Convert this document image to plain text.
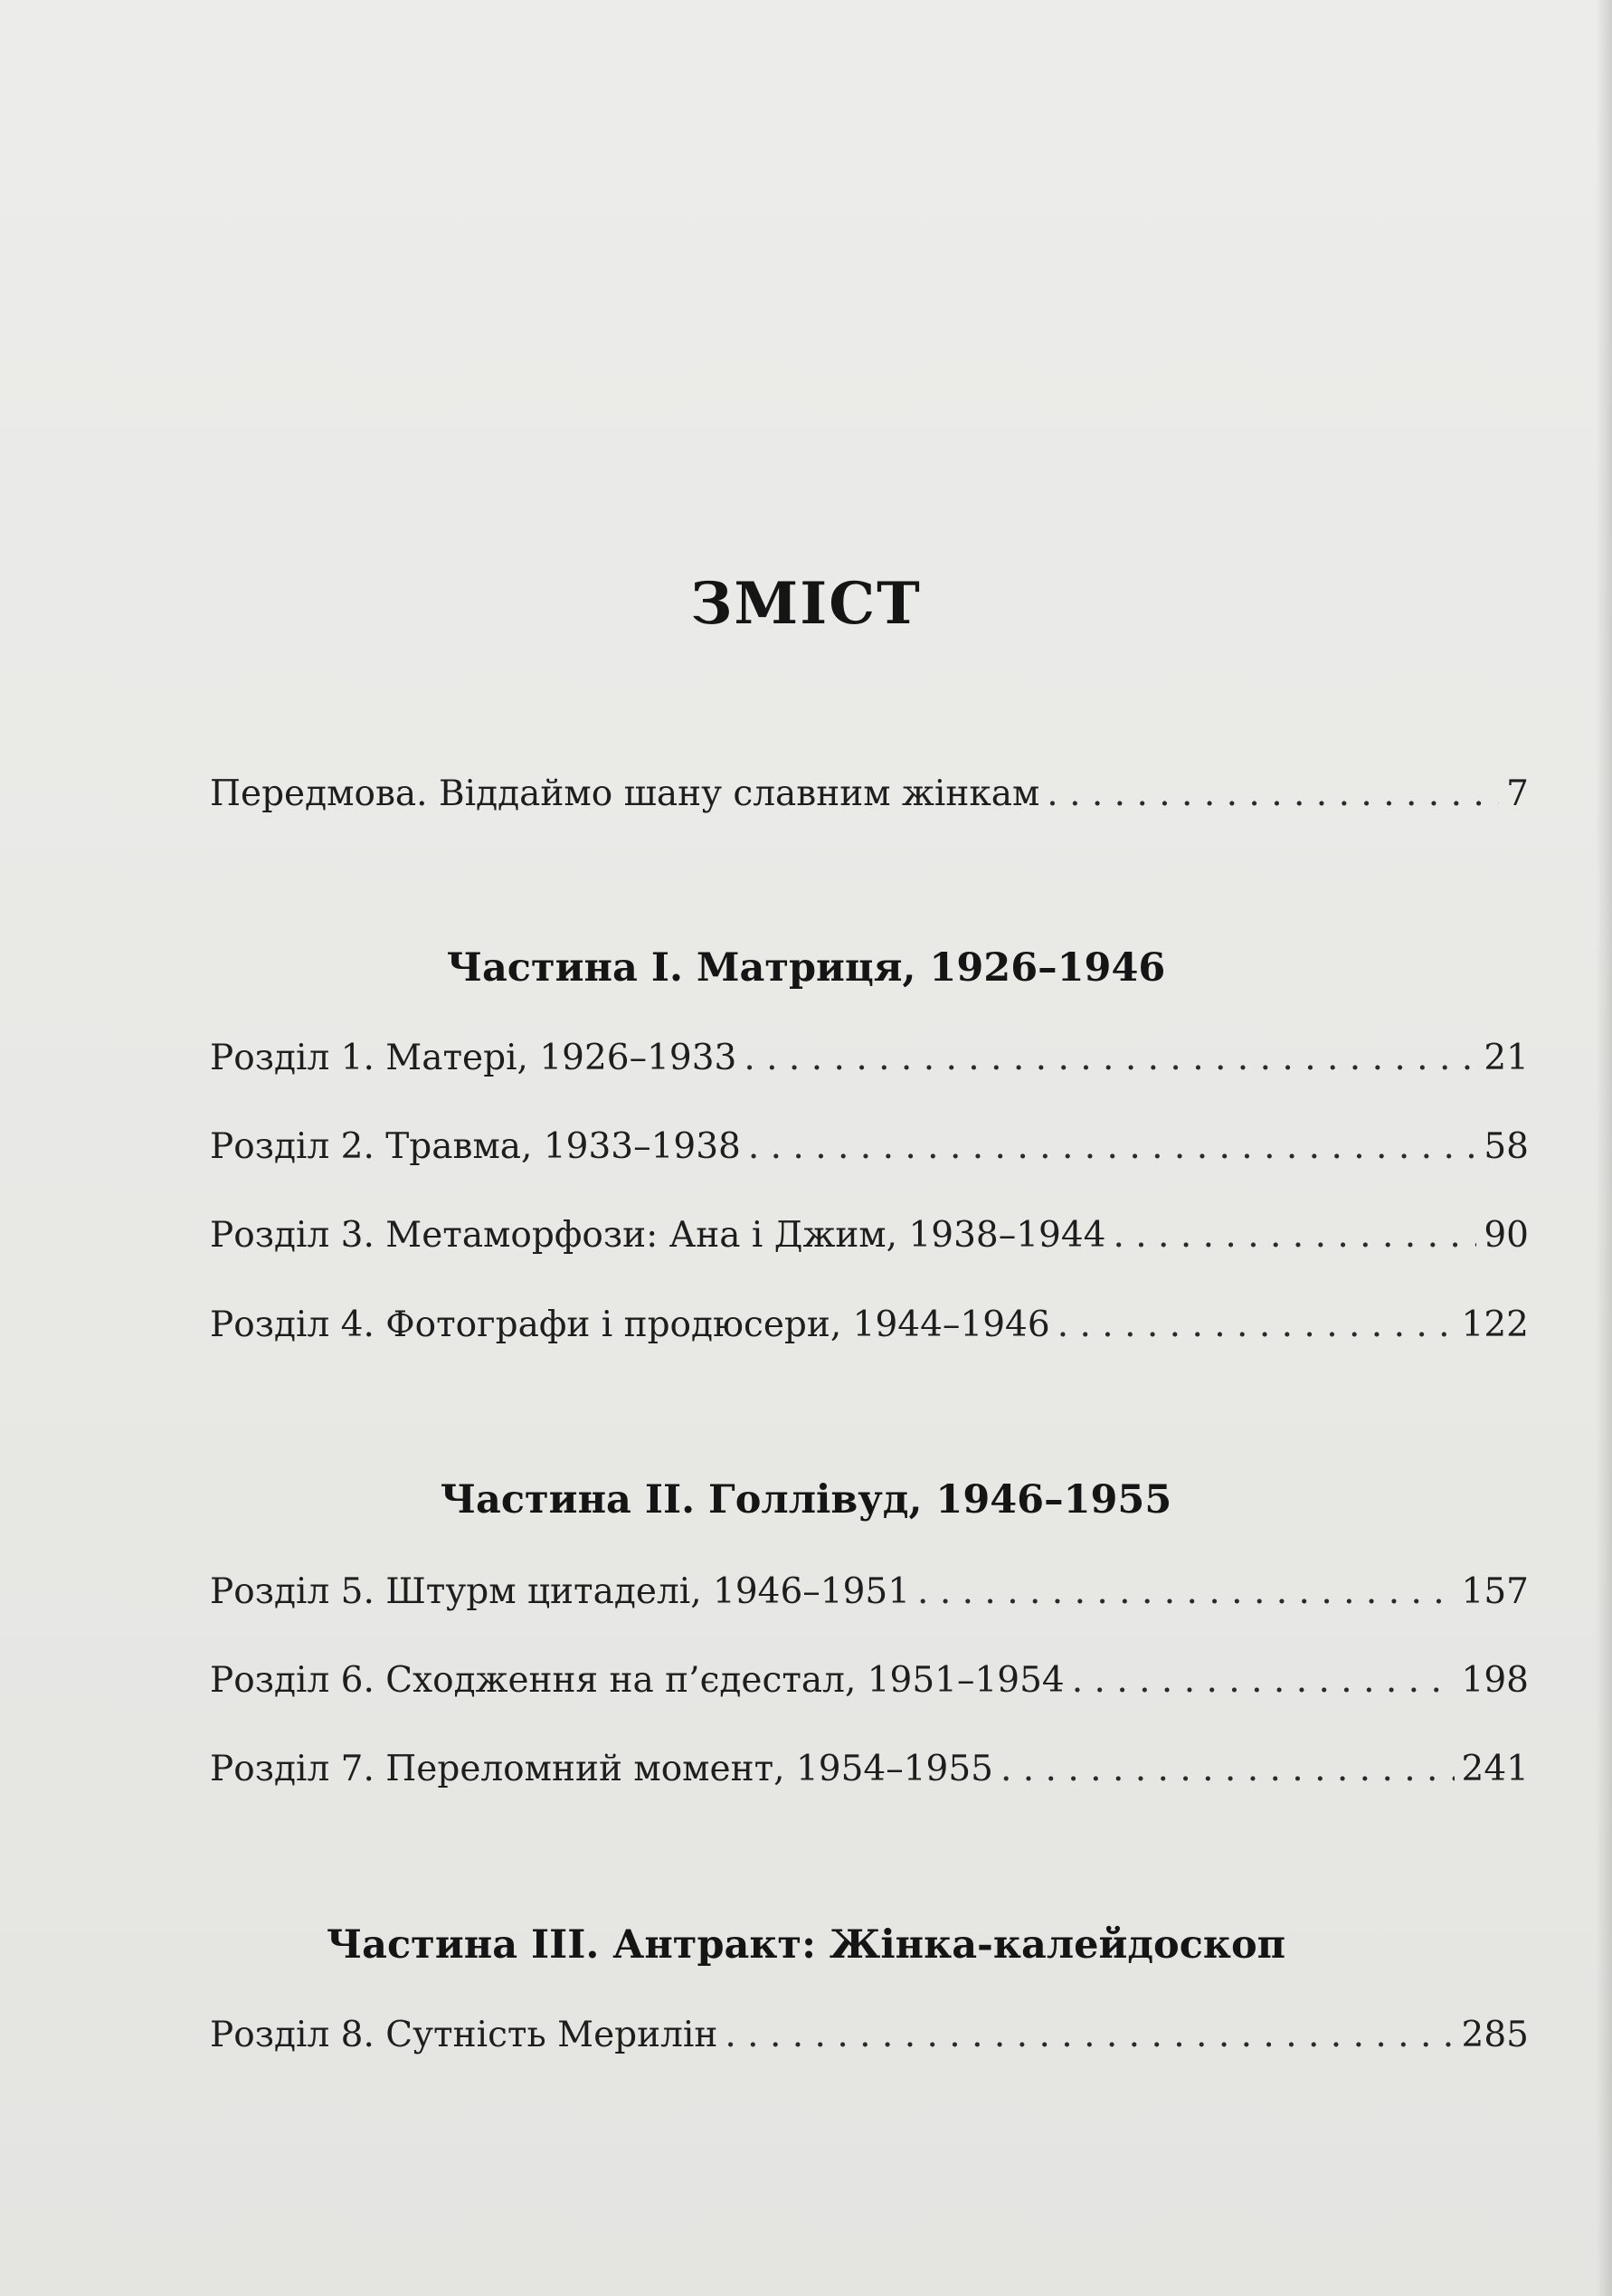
ЗМІСТ
Передмова. Віддаймо шану славним жінкам . . .	7
Частина І. Матриця, 1926–1946
Розділ 1. Матері, 1926–1933 . . .	21
Розділ 2. Травма, 1933–1938 . . .	58
Розділ 3. Метаморфози: Ана і Джим, 1938–1944 . . .	90
Розділ 4. Фотографи і продюсери, 1944–1946 . . .	122
Частина ІІ. Голлівуд, 1946–1955
Розділ 5. Штурм цитаделі, 1946–1951 . . .	157
Розділ 6. Сходження на п’єдестал, 1951–1954 . . .	198
Розділ 7. Переломний момент, 1954–1955 . . .	241
Частина ІІІ. Антракт: Жінка-калейдоскоп
Розділ 8. Сутність Мерилін . . .	285
